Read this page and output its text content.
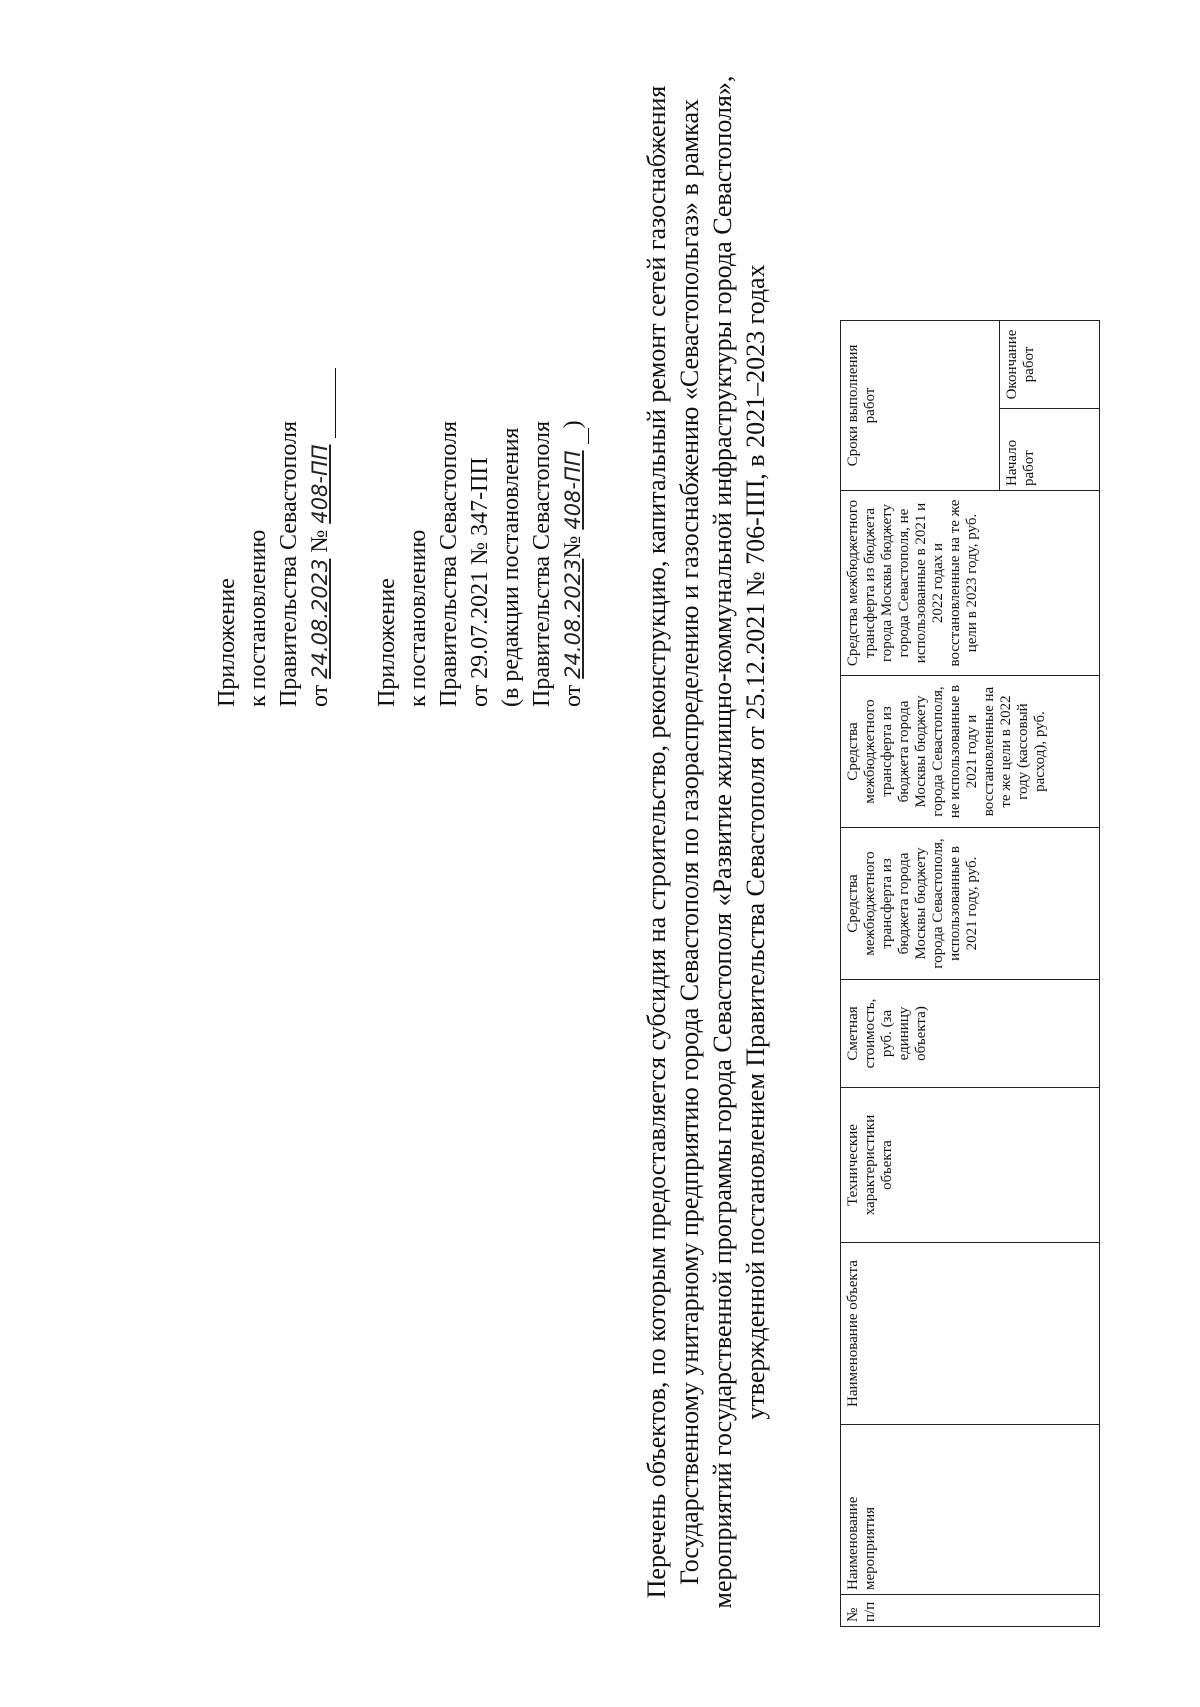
Приложение к постановлению Правительства Севастополя от 24.08.2023 № 408-ПП
Приложение к постановлению Правительства Севастополя от 29.07.2021 № 347-ПП (в редакции постановления Правительства Севастополя от 24.08.2023№ 408-ПП ) Перечень объектов, по которым предоставляется субсидия на строительство, реконструкцию, капитальный ремонт сетей газоснабжения Государственному унитарному предприятию города Севастополя по газораспределению и газоснабжению «Севастопольгаз» в рамках мероприятий государственной программы города Севастополя «Развитие жилищно-коммунальной инфраструктуры города Севастополя», утвержденной постановлением Правительства Севастополя от 25.12.2021 № 706-ПП, в 2021–2023 годах
№ п/п	Наименование мероприятия	Наименование объекта	Технические характеристики объекта	Сметная стоимость, руб. (за единицу объекта)	Средства межбюджетного трансферта из бюджета города Москвы бюджету города Севастополя, использованные в 2021 году, руб.	Средства межбюджетного трансферта из бюджета города Москвы бюджету города Севастополя, не использованные в 2021 году и восстановленные на те же цели в 2022 году (кассовый расход), руб.	Средства межбюджетного трансферта из бюджета города Москвы бюджету города Севастополя, не использованные в 2021 и 2022 годах и восстановленные на те же цели в 2023 году, руб.	Сроки выполнения работ		
								Начало работ	Окончание работ	
